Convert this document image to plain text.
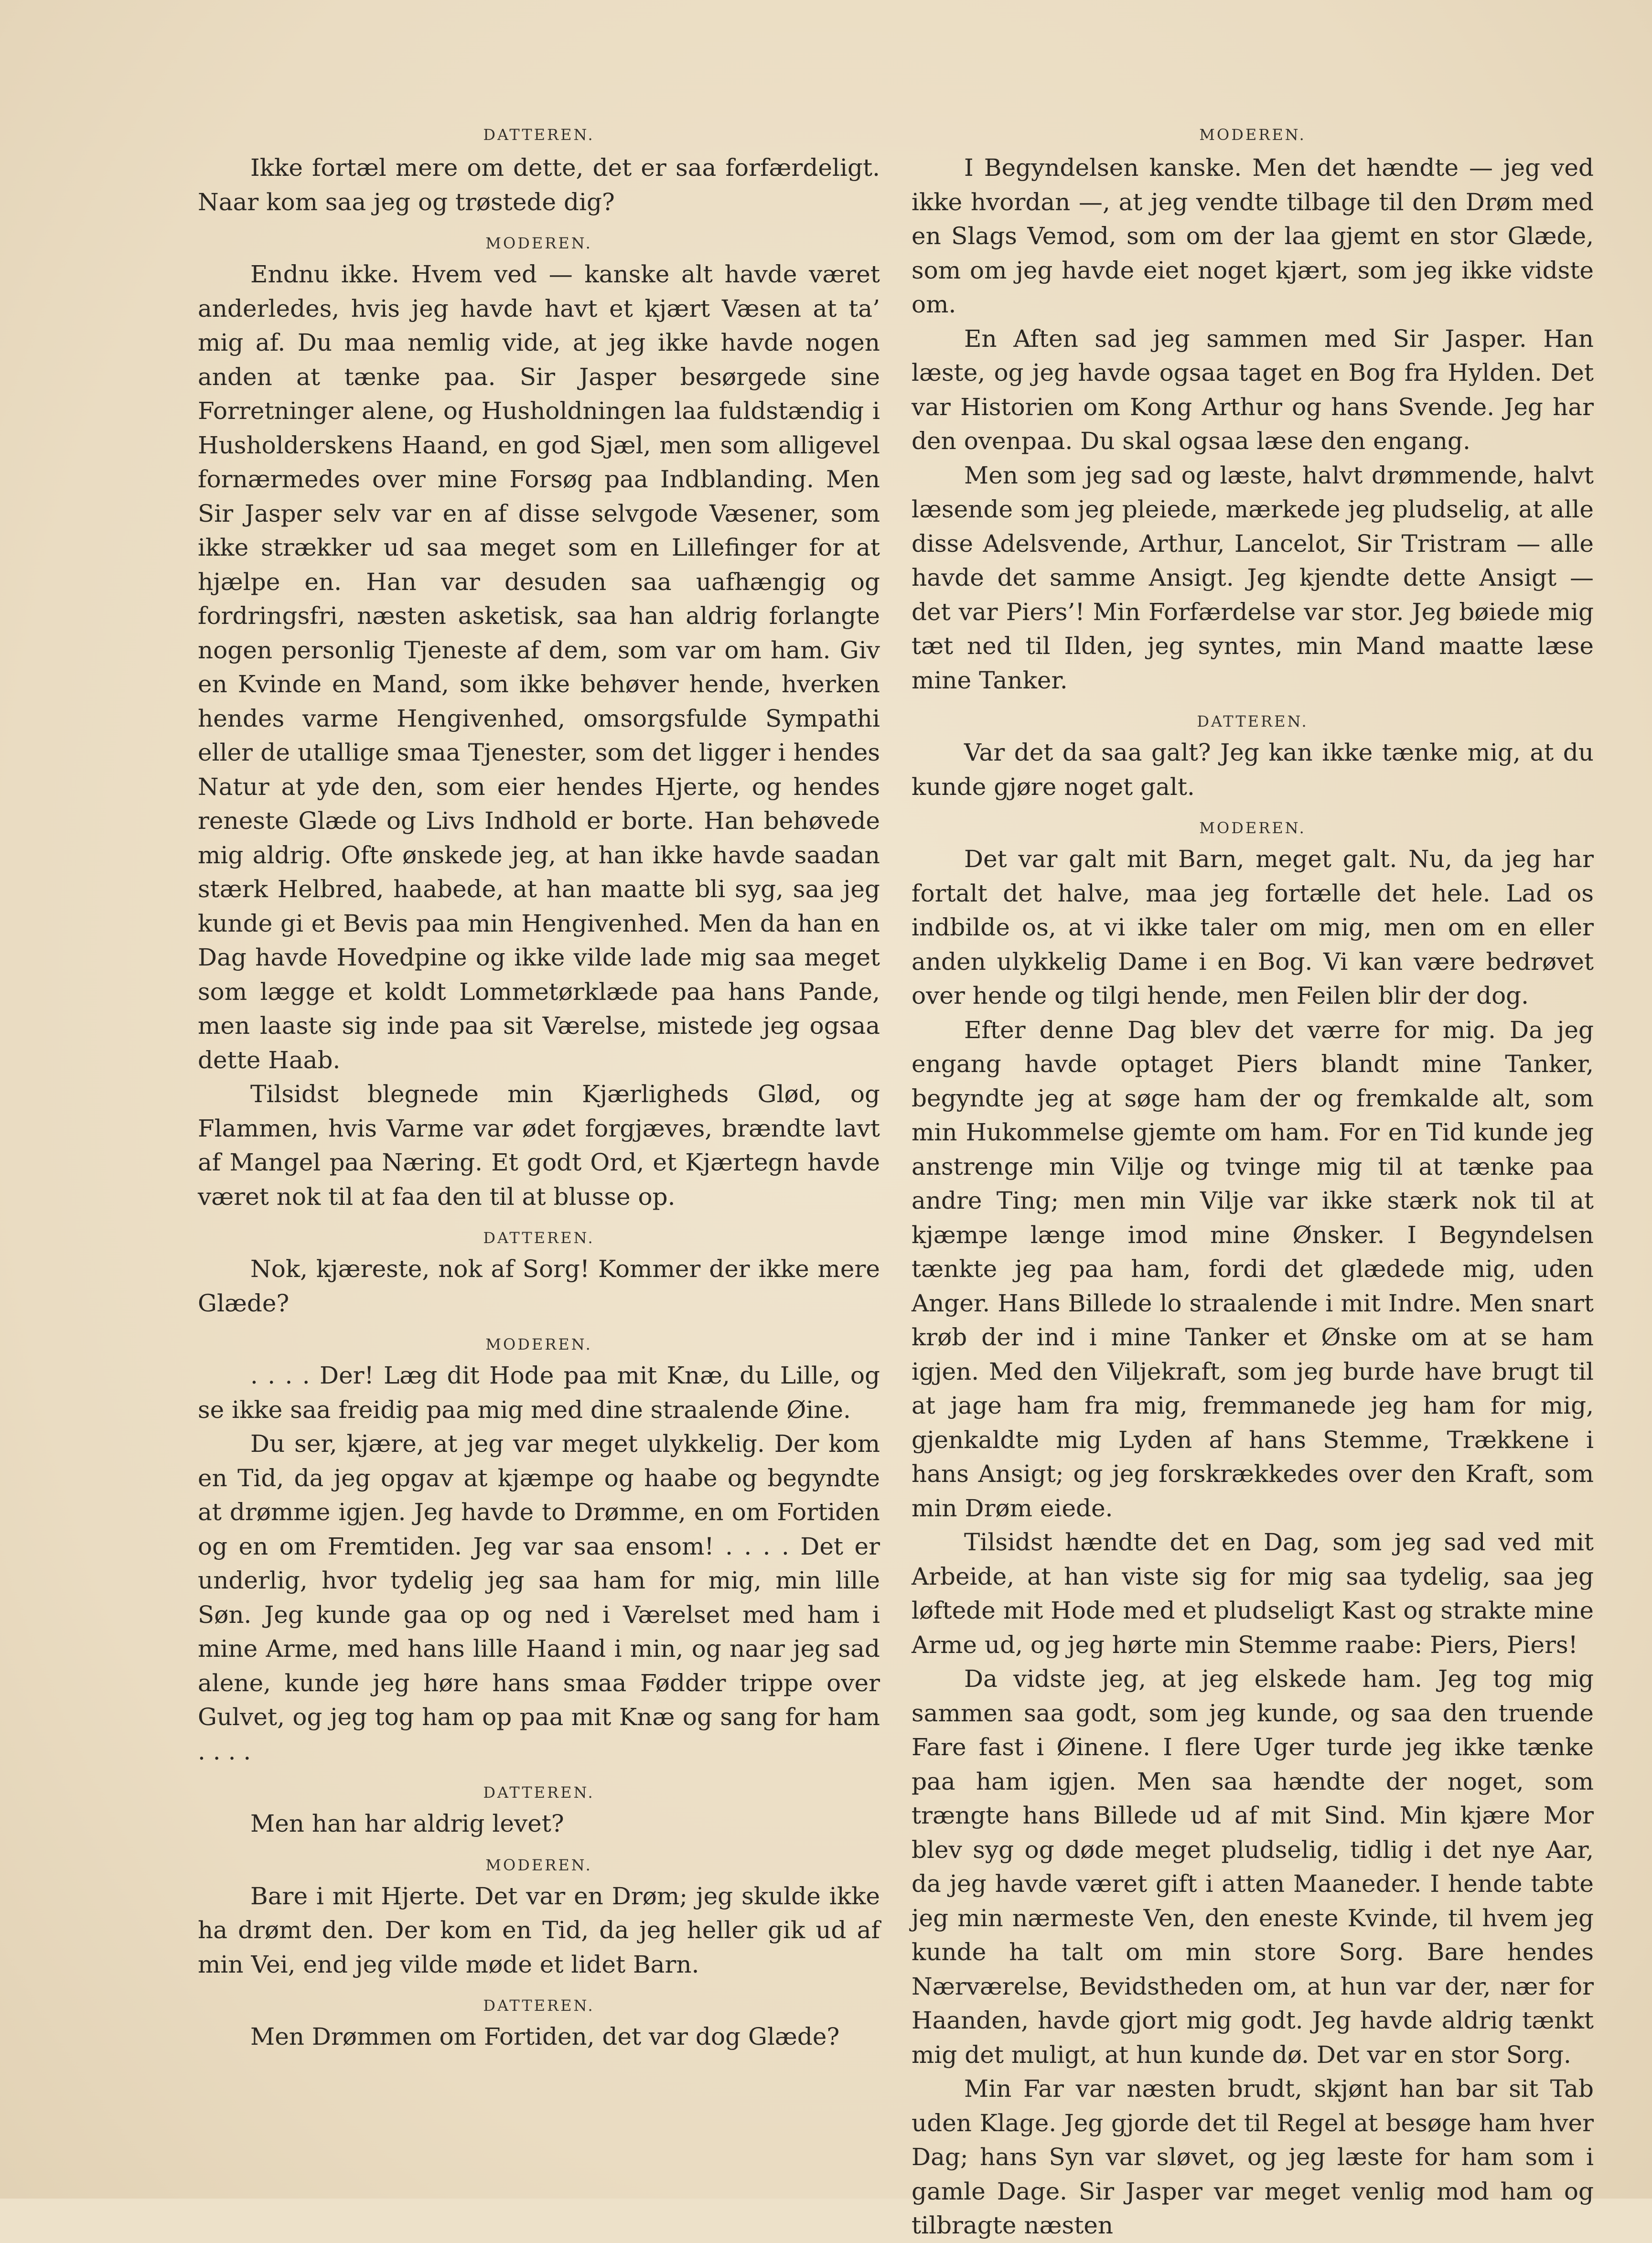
DATTEREN.

Ikke fortæl mere om dette, det er saa forfærdeligt. Naar kom saa jeg og trøstede dig?

MODEREN.

Endnu ikke. Hvem ved — kanske alt havde været anderledes, hvis jeg havde havt et kjært Væsen at ta’ mig af. Du maa nemlig vide, at jeg ikke havde nogen anden at tænke paa. Sir Jasper besørgede sine Forretninger alene, og Husholdningen laa fuldstændig i Husholderskens Haand, en god Sjæl, men som alligevel fornærmedes over mine Forsøg paa Indblanding. Men Sir Jasper selv var en af disse selvgode Væsener, som ikke strækker ud saa meget som en Lillefinger for at hjælpe en. Han var desuden saa uafhængig og fordringsfri, næsten asketisk, saa han aldrig forlangte nogen personlig Tjeneste af dem, som var om ham. Giv en Kvinde en Mand, som ikke behøver hende, hverken hendes varme Hengivenhed, omsorgsfulde Sympathi eller de utallige smaa Tjenester, som det ligger i hendes Natur at yde den, som eier hendes Hjerte, og hendes reneste Glæde og Livs Indhold er borte. Han behøvede mig aldrig. Ofte ønskede jeg, at han ikke havde saadan stærk Helbred, haabede, at han maatte bli syg, saa jeg kunde gi et Bevis paa min Hengivenhed. Men da han en Dag havde Hovedpine og ikke vilde lade mig saa meget som lægge et koldt Lommetørklæde paa hans Pande, men laaste sig inde paa sit Værelse, mistede jeg ogsaa dette Haab.

Tilsidst blegnede min Kjærligheds Glød, og Flammen, hvis Varme var ødet forgjæves, brændte lavt af Mangel paa Næring. Et godt Ord, et Kjærtegn havde været nok til at faa den til at blusse op.

DATTEREN.

Nok, kjæreste, nok af Sorg! Kommer der ikke mere Glæde?

MODEREN.

. . . . Der! Læg dit Hode paa mit Knæ, du Lille, og se ikke saa freidig paa mig med dine straalende Øine.

Du ser, kjære, at jeg var meget ulykkelig. Der kom en Tid, da jeg opgav at kjæmpe og haabe og begyndte at drømme igjen. Jeg havde to Drømme, en om Fortiden og en om Fremtiden. Jeg var saa ensom! . . . . Det er underlig, hvor tydelig jeg saa ham for mig, min lille Søn. Jeg kunde gaa op og ned i Værelset med ham i mine Arme, med hans lille Haand i min, og naar jeg sad alene, kunde jeg høre hans smaa Fødder trippe over Gulvet, og jeg tog ham op paa mit Knæ og sang for ham . . . .

DATTEREN.

Men han har aldrig levet?

MODEREN.

Bare i mit Hjerte. Det var en Drøm; jeg skulde ikke ha drømt den. Der kom en Tid, da jeg heller gik ud af min Vei, end jeg vilde møde et lidet Barn.

DATTEREN.

Men Drømmen om Fortiden, det var dog Glæde?

MODEREN.

I Begyndelsen kanske. Men det hændte — jeg ved ikke hvordan —, at jeg vendte tilbage til den Drøm med en Slags Vemod, som om der laa gjemt en stor Glæde, som om jeg havde eiet noget kjært, som jeg ikke vidste om.

En Aften sad jeg sammen med Sir Jasper. Han læste, og jeg havde ogsaa taget en Bog fra Hylden. Det var Historien om Kong Arthur og hans Svende. Jeg har den ovenpaa. Du skal ogsaa læse den engang.

Men som jeg sad og læste, halvt drømmende, halvt læsende som jeg pleiede, mærkede jeg pludselig, at alle disse Adelsvende, Arthur, Lancelot, Sir Tristram — alle havde det samme Ansigt. Jeg kjendte dette Ansigt — det var Piers’! Min Forfærdelse var stor. Jeg bøiede mig tæt ned til Ilden, jeg syntes, min Mand maatte læse mine Tanker.

DATTEREN.

Var det da saa galt? Jeg kan ikke tænke mig, at du kunde gjøre noget galt.

MODEREN.

Det var galt mit Barn, meget galt. Nu, da jeg har fortalt det halve, maa jeg fortælle det hele. Lad os indbilde os, at vi ikke taler om mig, men om en eller anden ulykkelig Dame i en Bog. Vi kan være bedrøvet over hende og tilgi hende, men Feilen blir der dog.

Efter denne Dag blev det værre for mig. Da jeg engang havde optaget Piers blandt mine Tanker, begyndte jeg at søge ham der og fremkalde alt, som min Hukommelse gjemte om ham. For en Tid kunde jeg anstrenge min Vilje og tvinge mig til at tænke paa andre Ting; men min Vilje var ikke stærk nok til at kjæmpe længe imod mine Ønsker. I Begyndelsen tænkte jeg paa ham, fordi det glædede mig, uden Anger. Hans Billede lo straalende i mit Indre. Men snart krøb der ind i mine Tanker et Ønske om at se ham igjen. Med den Viljekraft, som jeg burde have brugt til at jage ham fra mig, fremmanede jeg ham for mig, gjenkaldte mig Lyden af hans Stemme, Trækkene i hans Ansigt; og jeg forskrækkedes over den Kraft, som min Drøm eiede.

Tilsidst hændte det en Dag, som jeg sad ved mit Arbeide, at han viste sig for mig saa tydelig, saa jeg løftede mit Hode med et pludseligt Kast og strakte mine Arme ud, og jeg hørte min Stemme raabe: Piers, Piers!

Da vidste jeg, at jeg elskede ham. Jeg tog mig sammen saa godt, som jeg kunde, og saa den truende Fare fast i Øinene. I flere Uger turde jeg ikke tænke paa ham igjen. Men saa hændte der noget, som trængte hans Billede ud af mit Sind. Min kjære Mor blev syg og døde meget pludselig, tidlig i det nye Aar, da jeg havde været gift i atten Maaneder. I hende tabte jeg min nærmeste Ven, den eneste Kvinde, til hvem jeg kunde ha talt om min store Sorg. Bare hendes Nærværelse, Bevidstheden om, at hun var der, nær for Haanden, havde gjort mig godt. Jeg havde aldrig tænkt mig det muligt, at hun kunde dø. Det var en stor Sorg.

Min Far var næsten brudt, skjønt han bar sit Tab uden Klage. Jeg gjorde det til Regel at besøge ham hver Dag; hans Syn var sløvet, og jeg læste for ham som i gamle Dage. Sir Jasper var meget venlig mod ham og tilbragte næsten
